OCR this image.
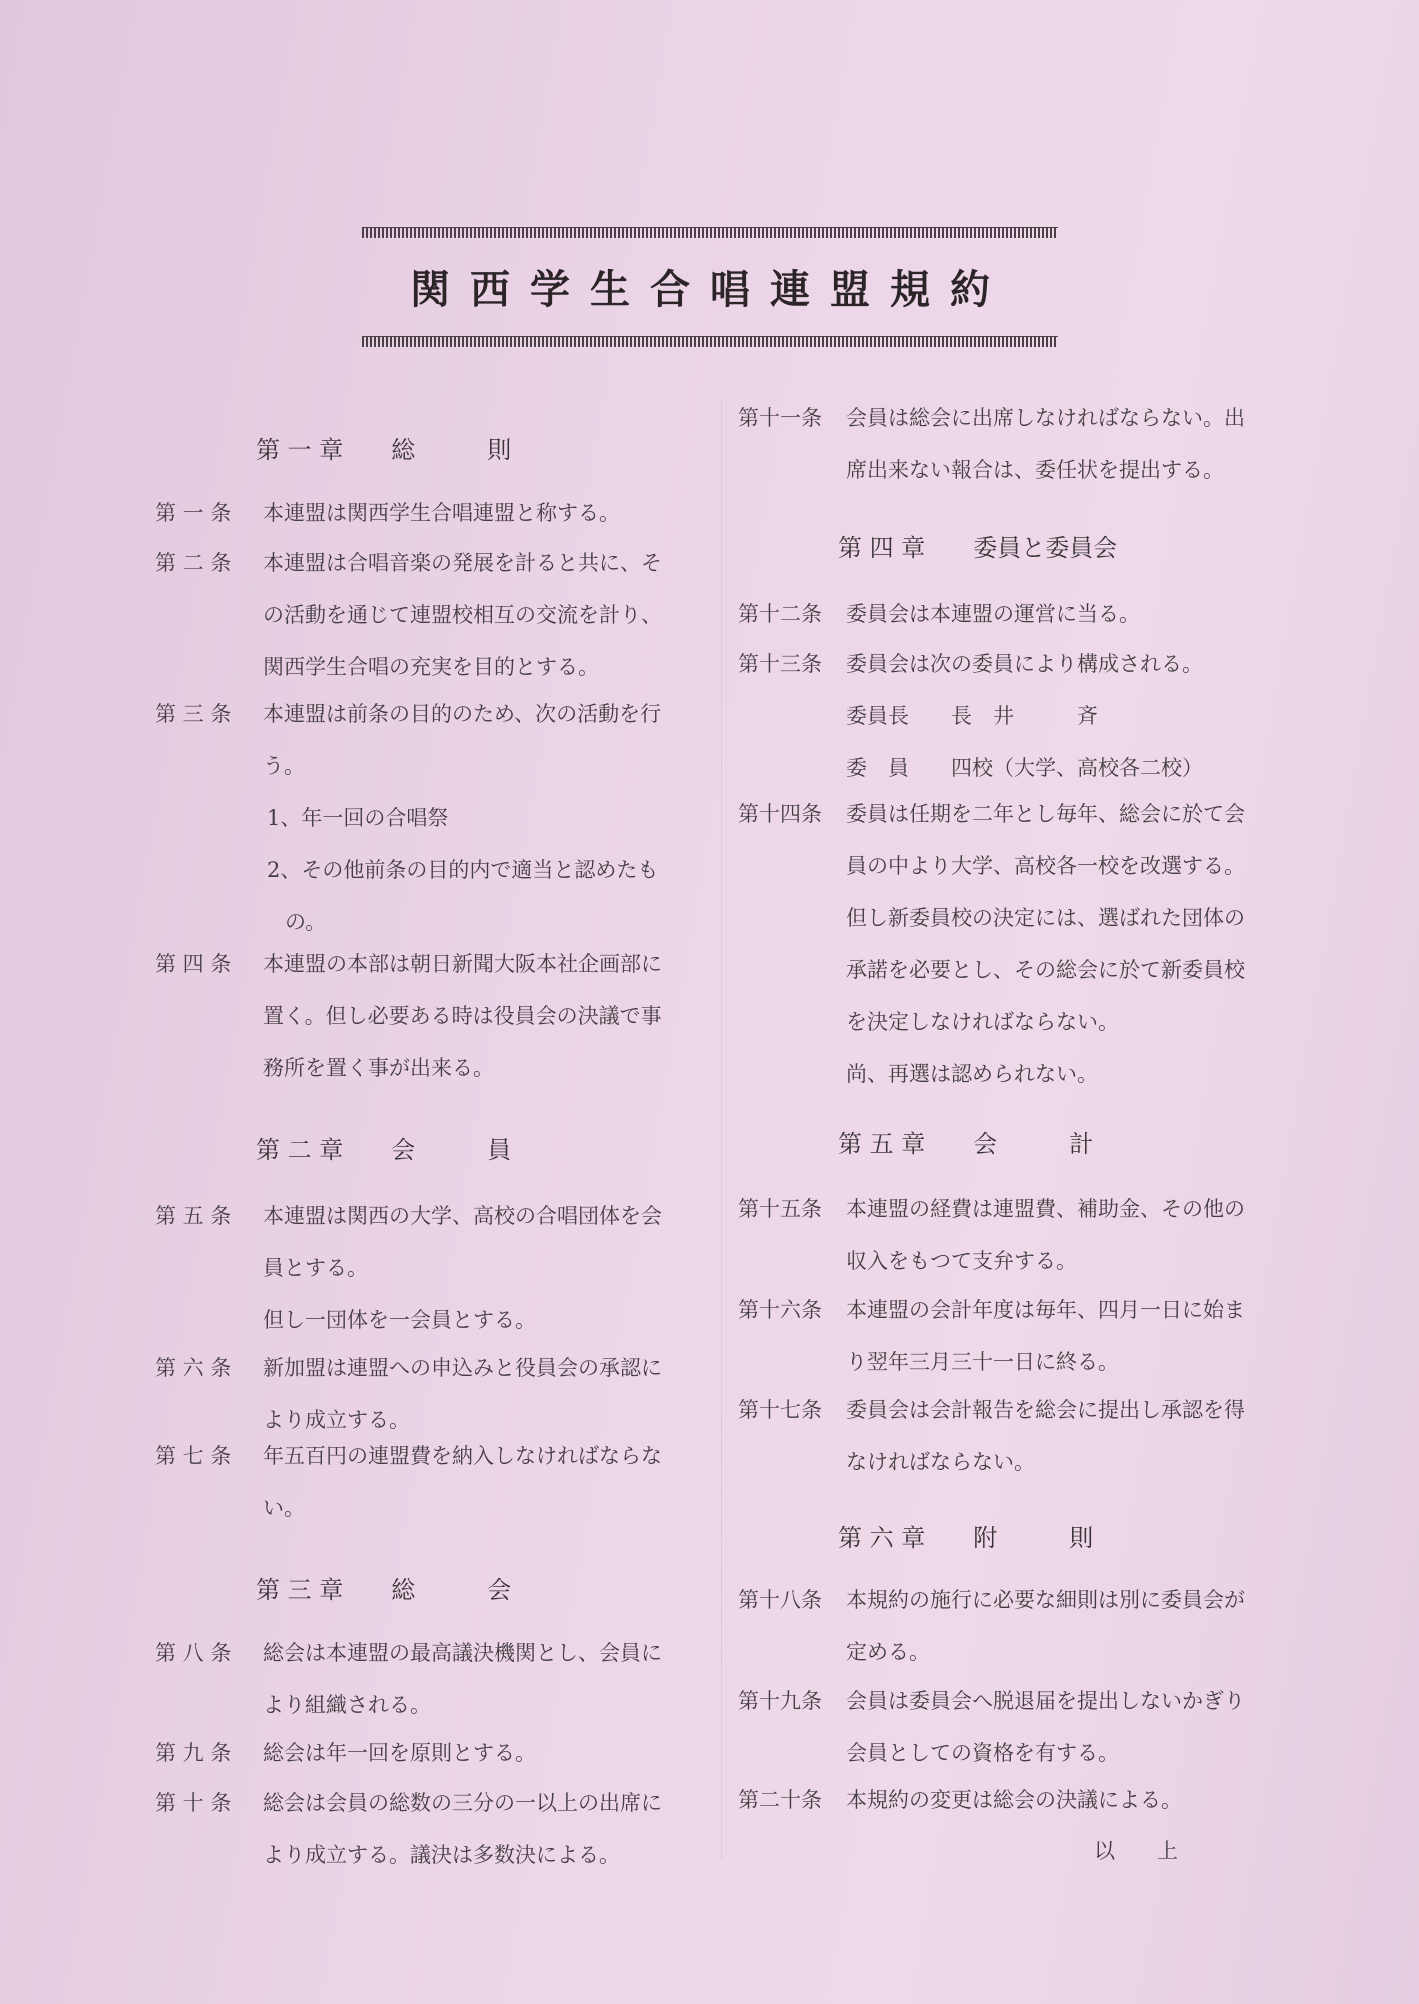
関西学生合唱連盟規約
第 一 章　　総　　　則
第 一 条 本連盟は関西学生合唱連盟と称する。
第 二 条 本連盟は合唱音楽の発展を計ると共に、そ
の活動を通じて連盟校相互の交流を計り、
関西学生合唱の充実を目的とする。
第 三 条 本連盟は前条の目的のため、次の活動を行
う。
1、年一回の合唱祭
2、その他前条の目的内で適当と認めたも
の。
第 四 条 本連盟の本部は朝日新聞大阪本社企画部に
置く。但し必要ある時は役員会の決議で事
務所を置く事が出来る。
第 二 章　　会　　　員
第 五 条 本連盟は関西の大学、高校の合唱団体を会
員とする。
但し一団体を一会員とする。
第 六 条 新加盟は連盟への申込みと役員会の承認に
より成立する。
第 七 条 年五百円の連盟費を納入しなければならな
い。
第 三 章　　総　　　会
第 八 条 総会は本連盟の最高議決機関とし、会員に
より組織される。
第 九 条 総会は年一回を原則とする。
第 十 条 総会は会員の総数の三分の一以上の出席に
より成立する。議決は多数決による。
第十一条 会員は総会に出席しなければならない。出
席出来ない報合は、委任状を提出する。
第 四 章　　委員と委員会
第十二条 委員会は本連盟の運営に当る。
第十三条 委員会は次の委員により構成される。
委員長　　長　井　　　斉
委　員　　四校（大学、高校各二校）
第十四条 委員は任期を二年とし毎年、総会に於て会
員の中より大学、高校各一校を改選する。
但し新委員校の決定には、選ばれた団体の
承諾を必要とし、その総会に於て新委員校
を決定しなければならない。
尚、再選は認められない。
第 五 章　　会　　　計
第十五条 本連盟の経費は連盟費、補助金、その他の
収入をもつて支弁する。
第十六条 本連盟の会計年度は毎年、四月一日に始ま
り翌年三月三十一日に終る。
第十七条 委員会は会計報告を総会に提出し承認を得
なければならない。
第 六 章　　附　　　則
第十八条 本規約の施行に必要な細則は別に委員会が
定める。
第十九条 会員は委員会へ脱退届を提出しないかぎり
会員としての資格を有する。
第二十条 本規約の変更は総会の決議による。
以　　上
